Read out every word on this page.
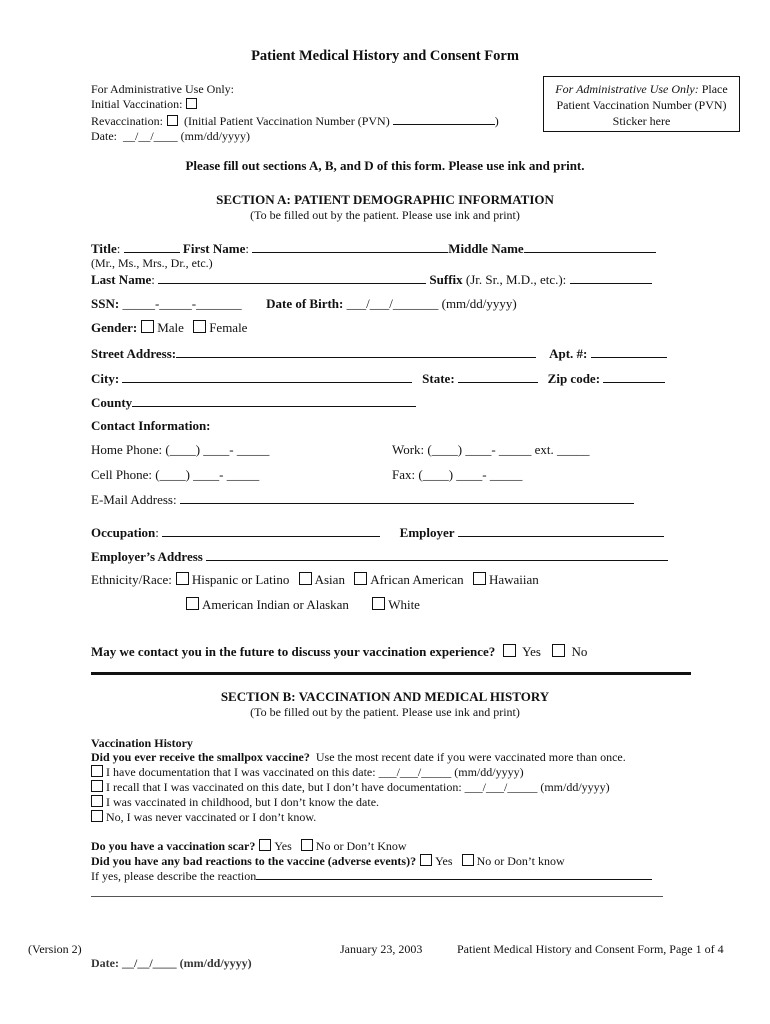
Patient Medical History and Consent Form
For Administrative Use Only:
Initial Vaccination:
Revaccination: (Initial Patient Vaccination Number (PVN)	)
Date: __/__/____ (mm/dd/yyyy)
For Administrative Use Only: Place
Patient Vaccination Number (PVN)
Sticker here
Please fill out sections A, B, and D of this form. Please use ink and print.
SECTION A: PATIENT DEMOGRAPHIC INFORMATION
(To be filled out by the patient. Please use ink and print)
Title:	First Name:	Middle Name
(Mr., Ms., Mrs., Dr., etc.)
Last Name:	Suffix (Jr. Sr., M.D., etc.):
SSN: _____-_____-_______ Date of Birth: ___/___/_______ (mm/dd/yyyy)
Gender: Male Female
Street Address:	Apt. #:
City:	State:	Zip code:
County
Contact Information:
Home Phone: (____) ____- _____	Work: (____) ____- _____ ext. _____
Cell Phone: (____) ____- _____	Fax: (____) ____- _____
E-Mail Address:
Occupation:	Employer
Employer’s Address
Ethnicity/Race: Hispanic or Latino Asian African American Hawaiian
American Indian or Alaskan	White
May we contact you in the future to discuss your vaccination experience? Yes No
SECTION B: VACCINATION AND MEDICAL HISTORY
(To be filled out by the patient. Please use ink and print)
Vaccination History
Did you ever receive the smallpox vaccine? Use the most recent date if you were vaccinated more than once.
I have documentation that I was vaccinated on this date: ___/___/_____ (mm/dd/yyyy)
I recall that I was vaccinated on this date, but I don’t have documentation: ___/___/_____ (mm/dd/yyyy)
I was vaccinated in childhood, but I don’t know the date.
No, I was never vaccinated or I don’t know.
Do you have a vaccination scar? Yes No or Don’t Know
Did you have any bad reactions to the vaccine (adverse events)? Yes No or Don’t know
If yes, please describe the reaction
(Version 2)	January 23, 2003	Patient Medical History and Consent Form, Page 1 of 4
Date: __/__/____ (mm/dd/yyyy)
